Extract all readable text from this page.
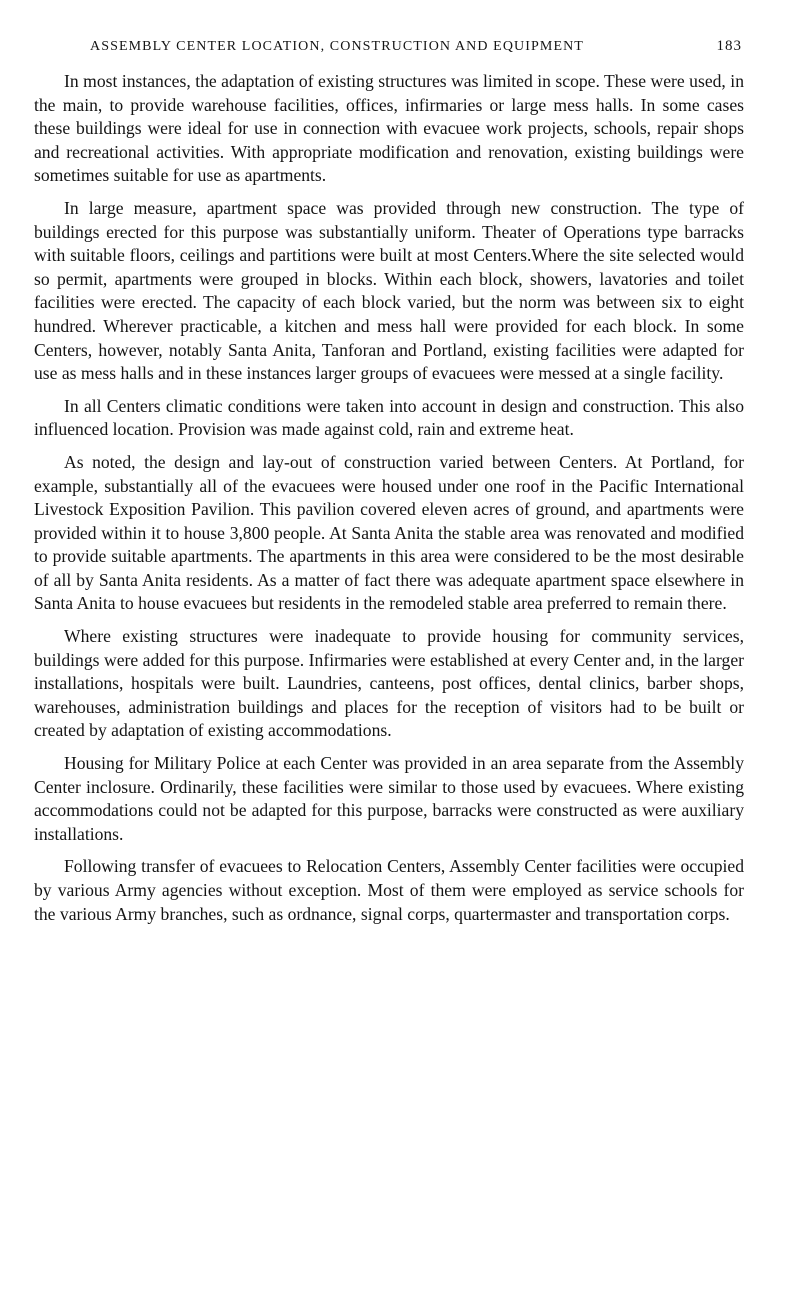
ASSEMBLY CENTER LOCATION, CONSTRUCTION AND EQUIPMENT	183

In most instances, the adaptation of existing structures was limited in scope. These were used, in the main, to provide warehouse facilities, offices, infirmaries or large mess halls. In some cases these buildings were ideal for use in connection with evacuee work projects, schools, repair shops and recreational activities. With appropriate modification and renovation, existing buildings were sometimes suitable for use as apartments.

In large measure, apartment space was provided through new construction. The type of buildings erected for this purpose was substantially uniform. Theater of Operations type barracks with suitable floors, ceilings and partitions were built at most Centers.Where the site selected would so permit, apartments were grouped in blocks. Within each block, showers, lavatories and toilet facilities were erected. The capacity of each block varied, but the norm was between six to eight hundred. Wherever practicable, a kitchen and mess hall were provided for each block. In some Centers, however, notably Santa Anita, Tanforan and Portland, existing facilities were adapted for use as mess halls and in these instances larger groups of evacuees were messed at a single facility.

In all Centers climatic conditions were taken into account in design and construction. This also influenced location. Provision was made against cold, rain and extreme heat.

As noted, the design and lay-out of construction varied between Centers. At Portland, for example, substantially all of the evacuees were housed under one roof in the Pacific International Livestock Exposition Pavilion. This pavilion covered eleven acres of ground, and apartments were provided within it to house 3,800 people. At Santa Anita the stable area was renovated and modified to provide suitable apartments. The apartments in this area were considered to be the most desirable of all by Santa Anita residents. As a matter of fact there was adequate apartment space elsewhere in Santa Anita to house evacuees but residents in the remodeled stable area preferred to remain there.

Where existing structures were inadequate to provide housing for community services, buildings were added for this purpose. Infirmaries were established at every Center and, in the larger installations, hospitals were built. Laundries, canteens, post offices, dental clinics, barber shops, warehouses, administration buildings and places for the reception of visitors had to be built or created by adaptation of existing accommodations.

Housing for Military Police at each Center was provided in an area separate from the Assembly Center inclosure. Ordinarily, these facilities were similar to those used by evacuees. Where existing accommodations could not be adapted for this purpose, barracks were constructed as were auxiliary installations.

Following transfer of evacuees to Relocation Centers, Assembly Center facilities were occupied by various Army agencies without exception. Most of them were employed as service schools for the various Army branches, such as ordnance, signal corps, quartermaster and transportation corps.
